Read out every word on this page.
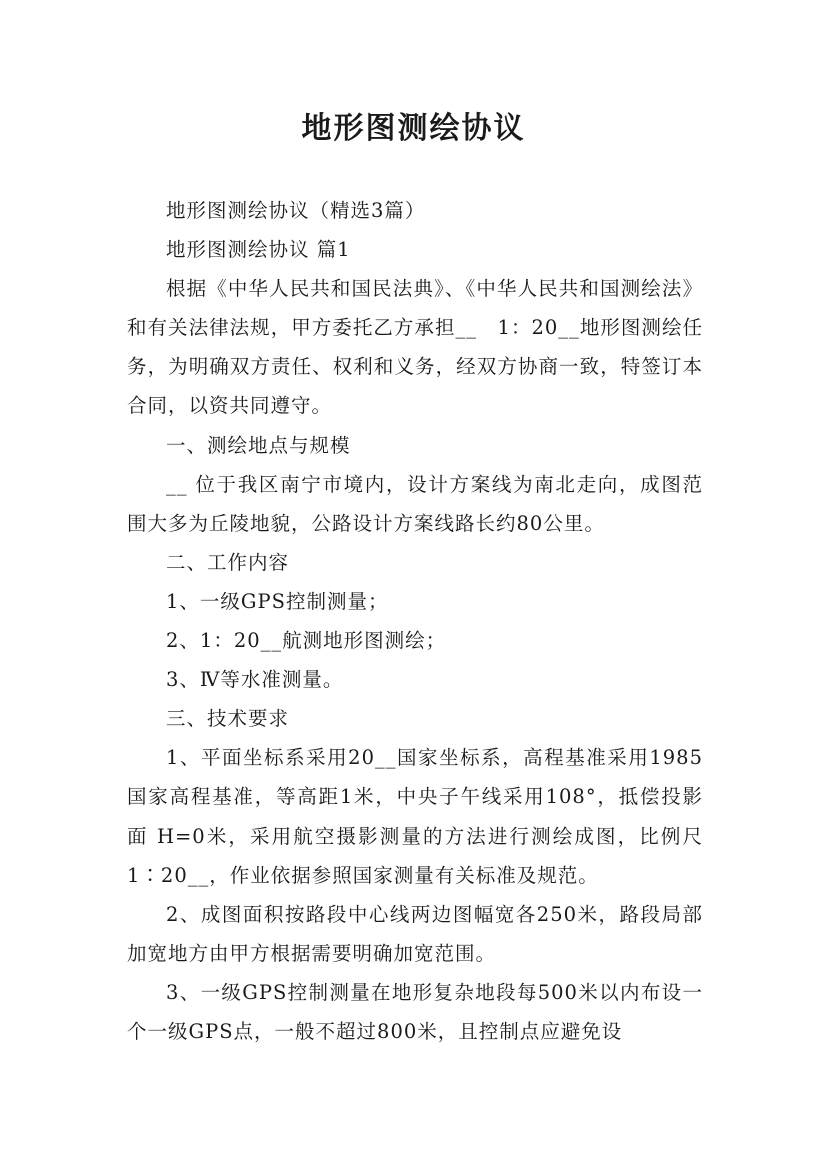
地形图测绘协议

地形图测绘协议（精选3篇）

地形图测绘协议 篇1

根据《中华人民共和国民法典》、《中华人民共和国测绘法》和有关法律法规，甲方委托乙方承担__　1：20__地形图测绘任务，为明确双方责任、权利和义务，经双方协商一致，特签订本合同，以资共同遵守。

一、测绘地点与规模

__ 位于我区南宁市境内，设计方案线为南北走向，成图范围大多为丘陵地貌，公路设计方案线路长约80公里。

二、工作内容

1、一级GPS控制测量；

2、1：20__航测地形图测绘；

3、Ⅳ等水准测量。

三、技术要求

1、平面坐标系采用20__国家坐标系，高程基准采用1985国家高程基准，等高距1米，中央子午线采用108°，抵偿投影面 H=0米，采用航空摄影测量的方法进行测绘成图，比例尺1∶20__，作业依据参照国家测量有关标准及规范。

2、成图面积按路段中心线两边图幅宽各250米，路段局部加宽地方由甲方根据需要明确加宽范围。

3、一级GPS控制测量在地形复杂地段每500米以内布设一个一级GPS点，一般不超过800米，且控制点应避免设
